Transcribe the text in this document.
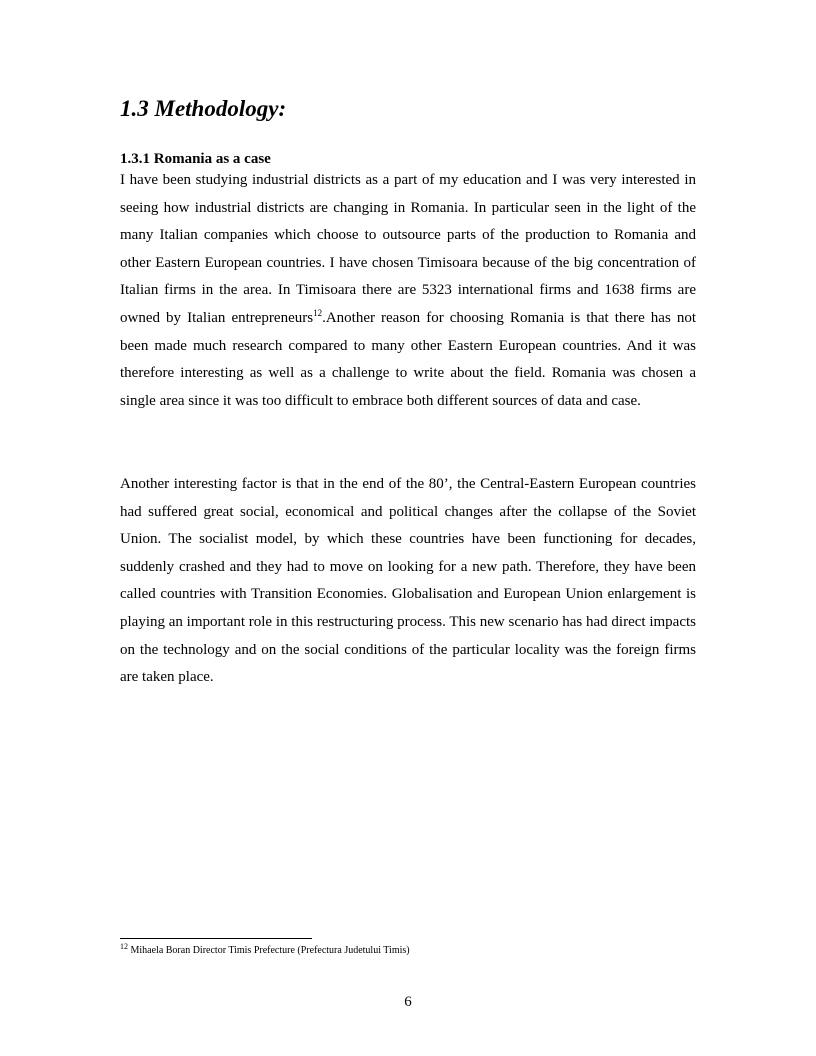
1.3 Methodology:
1.3.1 Romania as a case

I have been studying industrial districts as a part of my education and I was very interested in seeing how industrial districts are changing in Romania. In particular seen in the light of the many Italian companies which choose to outsource parts of the production to Romania and other Eastern European countries. I have chosen Timisoara because of the big concentration of Italian firms in the area. In Timisoara there are 5323 international firms and 1638 firms are owned by Italian entrepreneurs$^{12}$.Another reason for choosing Romania is that there has not been made much research compared to many other Eastern European countries. And it was therefore interesting as well as a challenge to write about the field. Romania was chosen a single area since it was too difficult to embrace both different sources of data and case.

Another interesting factor is that in the end of the 80’, the Central-Eastern European countries had suffered great social, economical and political changes after the collapse of the Soviet Union. The socialist model, by which these countries have been functioning for decades, suddenly crashed and they had to move on looking for a new path. Therefore, they have been called countries with Transition Economies. Globalisation and European Union enlargement is playing an important role in this restructuring process. This new scenario has had direct impacts on the technology and on the social conditions of the particular locality was the foreign firms are taken place.

$^{12}$ Mihaela Boran Director Timis Prefecture (Prefectura Judetului Timis)

6
